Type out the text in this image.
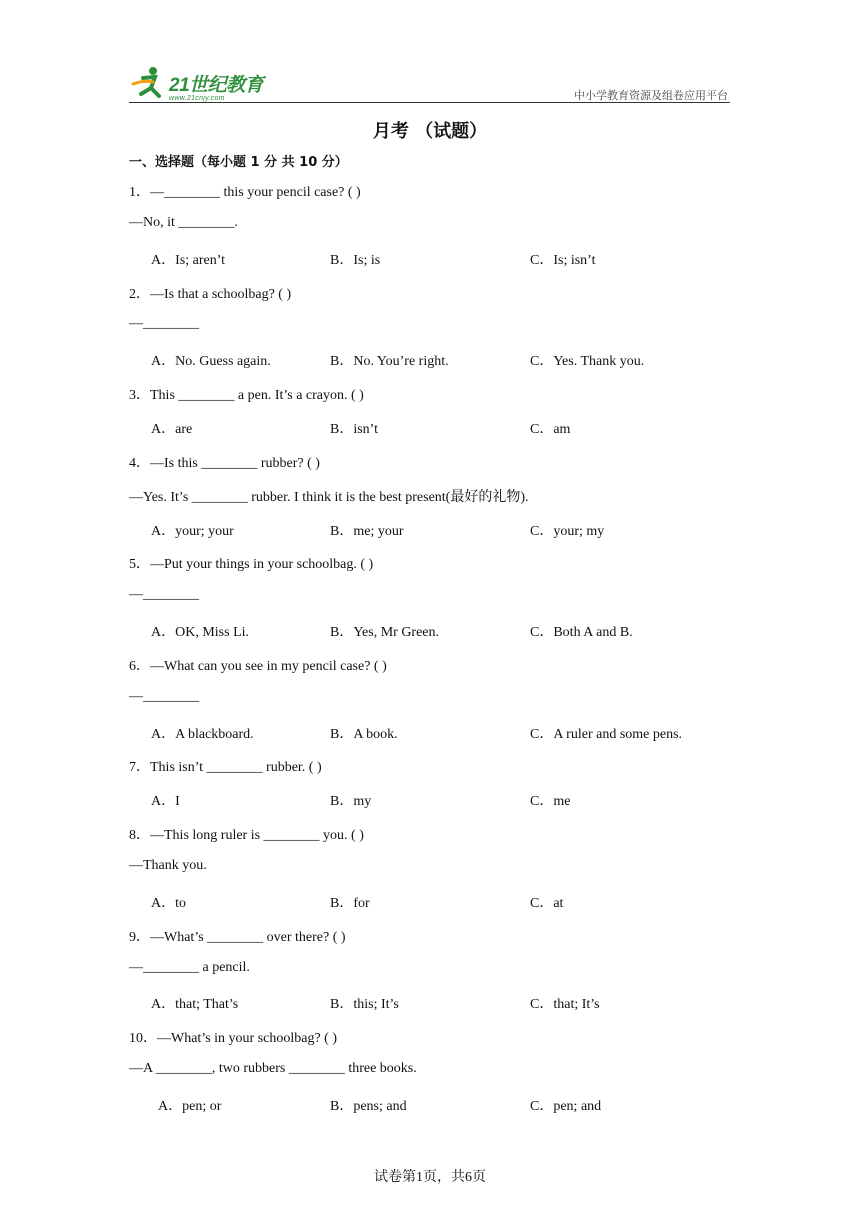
21世纪教育
www.21cnjy.com	中小学教育资源及组卷应用平台
月考 （试题）
一、选择题（每小题 1 分 共 10 分）
1．—________ this your pencil case? ( )
—No, it ________.
A．Is; aren’t	B．Is; is	C．Is; isn’t
2．—Is that a schoolbag? ( )
—________
A．No. Guess again.	B．No. You’re right.	C．Yes. Thank you.
3．This ________ a pen. It’s a crayon. ( )
A．are	B．isn’t	C．am
4．—Is this ________ rubber? ( )
—Yes. It’s ________ rubber. I think it is the best present(最好的礼物).
A．your; your	B．me; your	C．your; my
5．—Put your things in your schoolbag. ( )
—________
A．OK, Miss Li.	B．Yes, Mr Green.	C．Both A and B.
6．—What can you see in my pencil case? ( )
—________
A．A blackboard.	B．A book.	C．A ruler and some pens.
7．This isn’t ________ rubber. ( )
A．I	B．my	C．me
8．—This long ruler is ________ you. ( )
—Thank you.
A．to	B．for	C．at
9．—What’s ________ over there? ( )
—________ a pencil.
A．that; That’s	B．this; It’s	C．that; It’s
10．—What’s in your schoolbag? ( )
—A ________, two rubbers ________ three books.
A．pen; or	B．pens; and	C．pen; and
试卷第1页，共6页
